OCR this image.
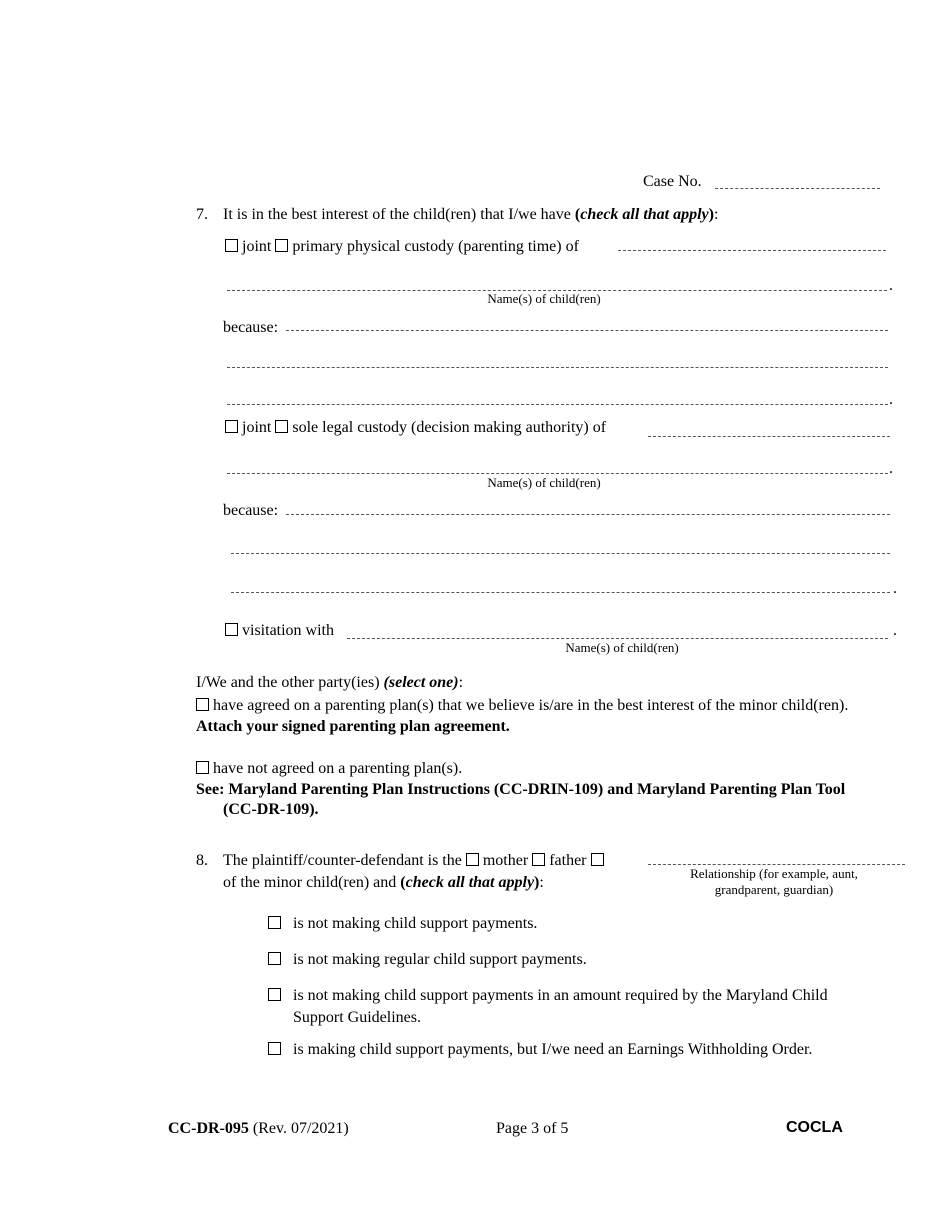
Case No.
7. It is in the best interest of the child(ren) that I/we have (check all that apply):
joint primary physical custody (parenting time) of
.
Name(s) of child(ren)
because:
.
joint sole legal custody (decision making authority) of
.
Name(s) of child(ren)
because:
.
visitation with	.
Name(s) of child(ren)
I/We and the other party(ies) (select one):
have agreed on a parenting plan(s) that we believe is/are in the best interest of the minor child(ren).
Attach your signed parenting plan agreement.
have not agreed on a parenting plan(s).
See: Maryland Parenting Plan Instructions (CC-DRIN-109) and Maryland Parenting Plan Tool
(CC-DR-109).
8. The plaintiff/counter-defendant is the mother father
Relationship (for example, aunt,
grandparent, guardian)
of the minor child(ren) and (check all that apply):
is not making child support payments.
is not making regular child support payments.
is not making child support payments in an amount required by the Maryland Child
Support Guidelines.
is making child support payments, but I/we need an Earnings Withholding Order.
CC-DR-095 (Rev. 07/2021)	Page 3 of 5	COCLA
